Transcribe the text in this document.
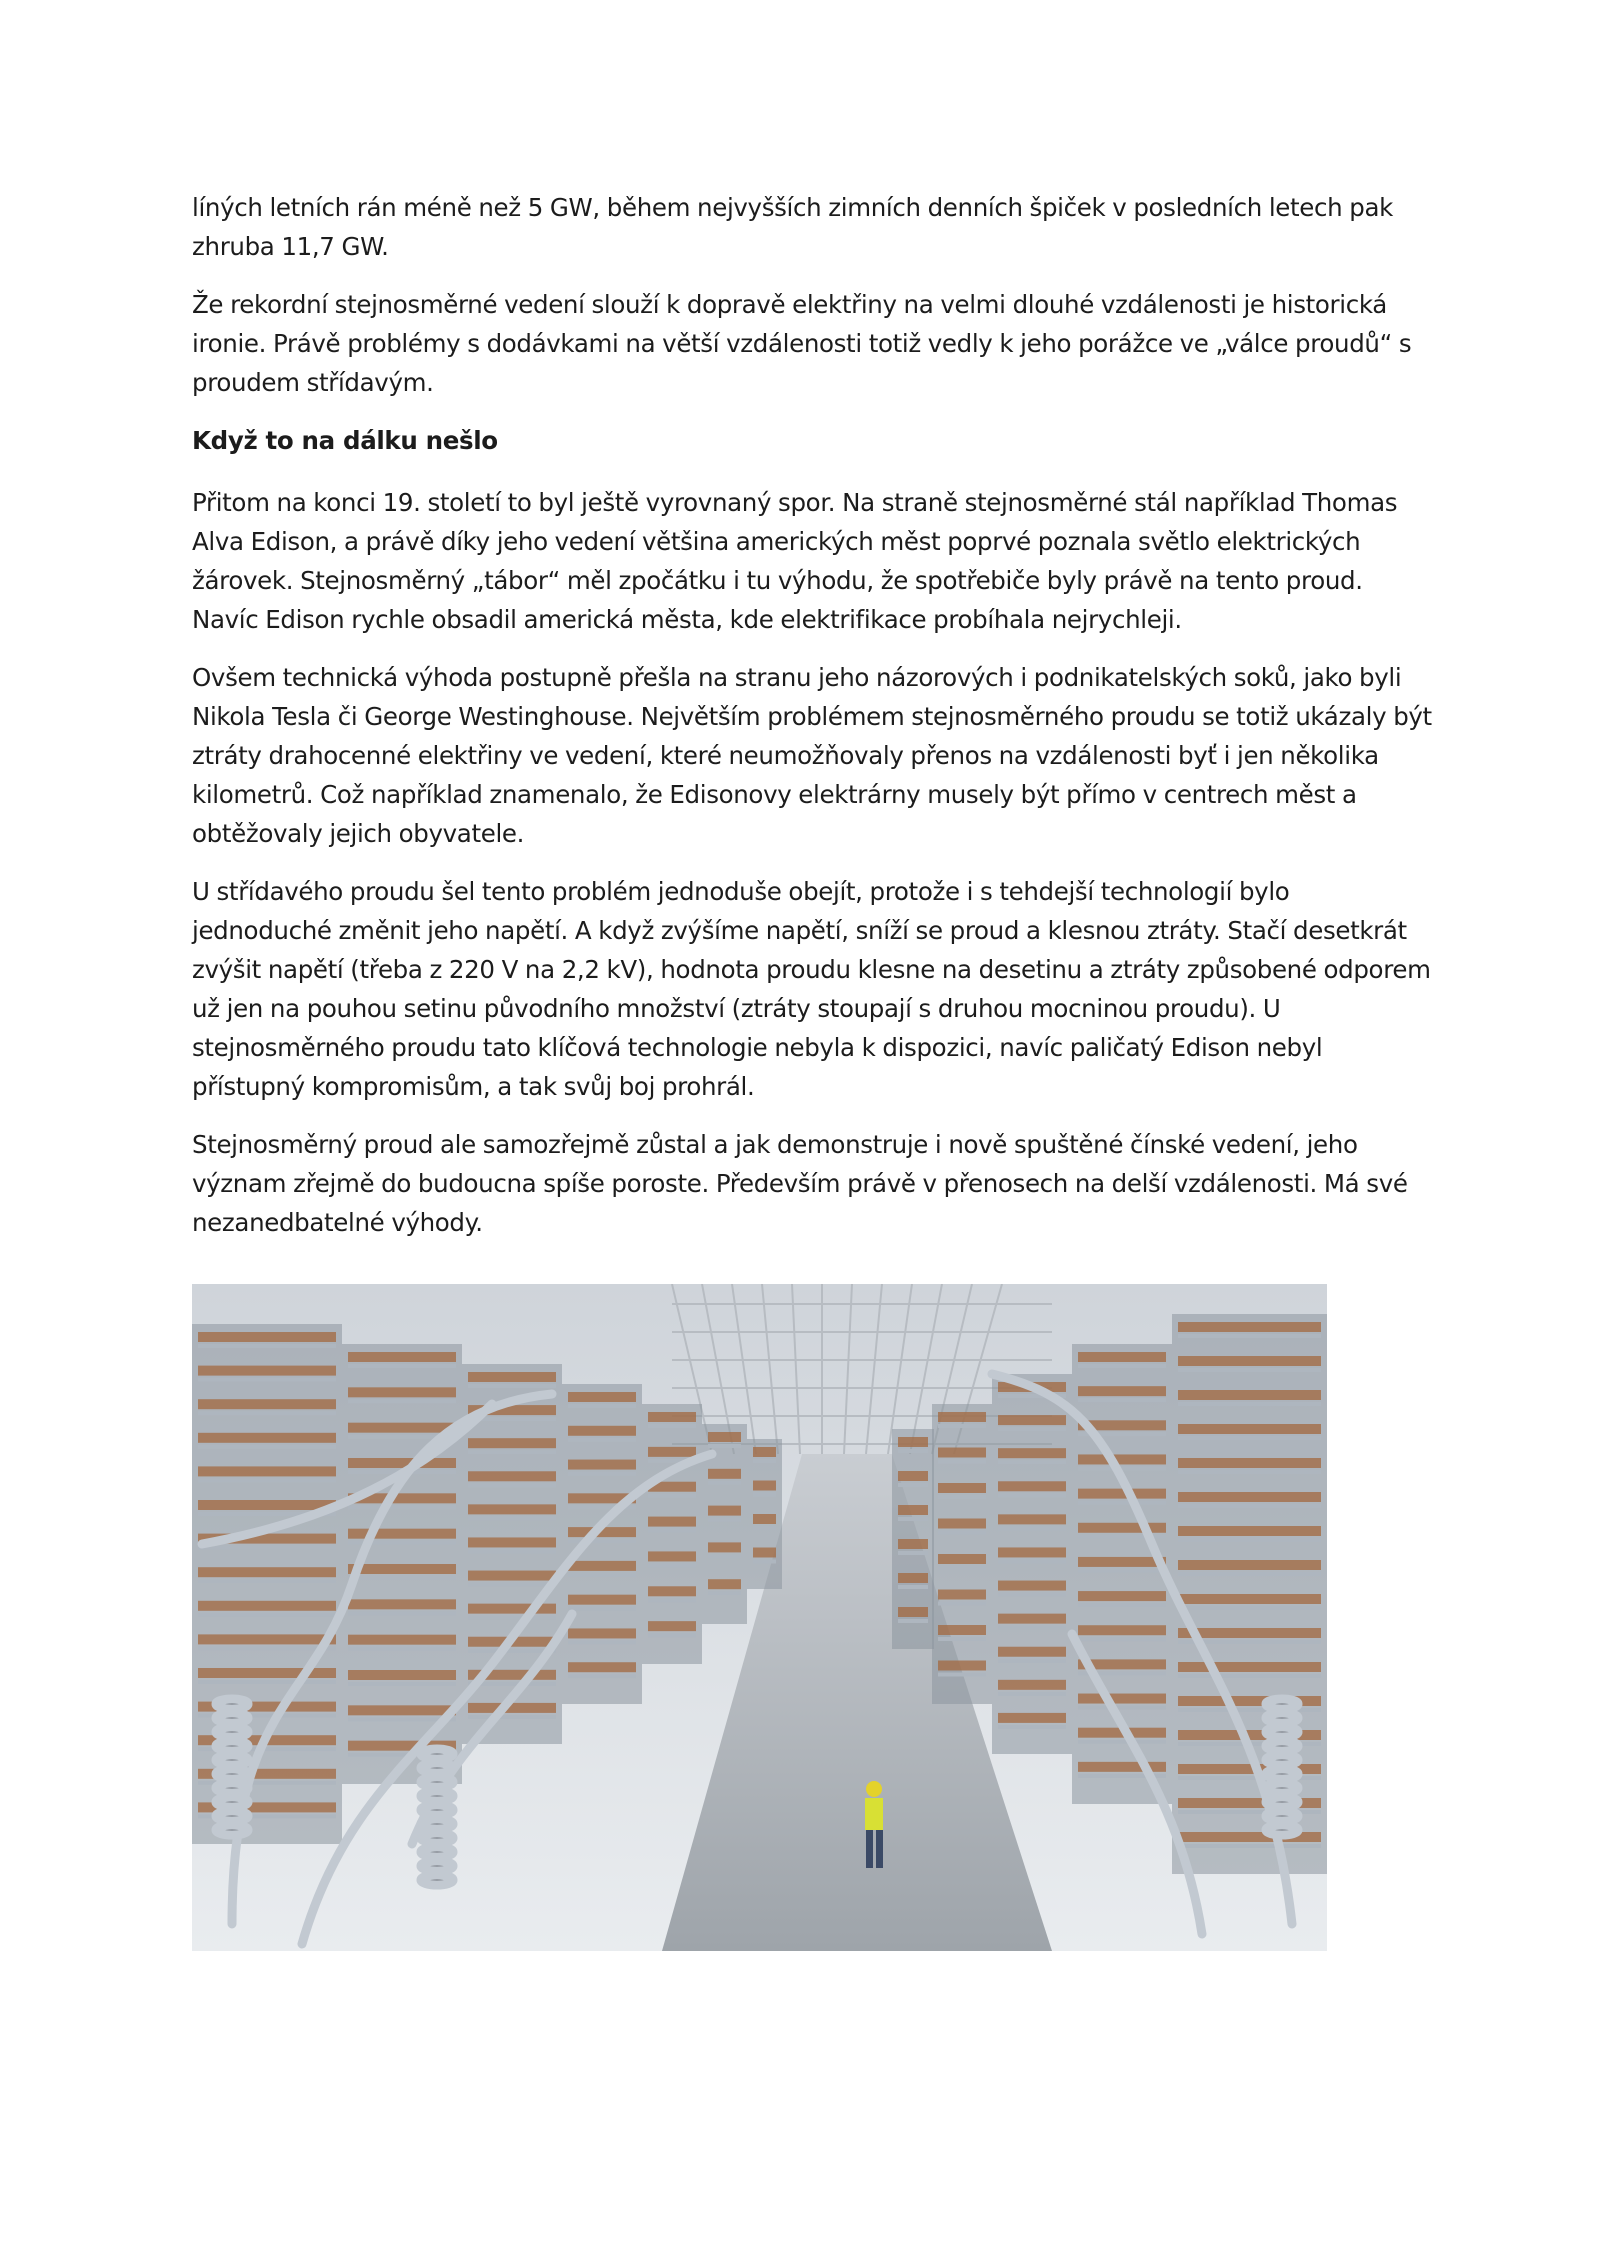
líných letních rán méně než 5 GW, během nejvyšších zimních denních špiček v posledních letech pak zhruba 11,7 GW.

Že rekordní stejnosměrné vedení slouží k dopravě elektřiny na velmi dlouhé vzdálenosti je historická ironie. Právě problémy s dodávkami na větší vzdálenosti totiž vedly k jeho porážce ve „válce proudů“ s proudem střídavým.

Když to na dálku nešlo

Přitom na konci 19. století to byl ještě vyrovnaný spor. Na straně stejnosměrné stál například Thomas Alva Edison, a právě díky jeho vedení většina amerických měst poprvé poznala světlo elektrických žárovek. Stejnosměrný „tábor“ měl zpočátku i tu výhodu, že spotřebiče byly právě na tento proud. Navíc Edison rychle obsadil americká města, kde elektrifikace probíhala nejrychleji.

Ovšem technická výhoda postupně přešla na stranu jeho názorových i podnikatelských soků, jako byli Nikola Tesla či George Westinghouse. Největším problémem stejnosměrného proudu se totiž ukázaly být ztráty drahocenné elektřiny ve vedení, které neumožňovaly přenos na vzdálenosti byť i jen několika kilometrů. Což například znamenalo, že Edisonovy elektrárny musely být přímo v centrech měst a obtěžovaly jejich obyvatele.

U střídavého proudu šel tento problém jednoduše obejít, protože i s tehdejší technologií bylo jednoduché změnit jeho napětí. A když zvýšíme napětí, sníží se proud a klesnou ztráty. Stačí desetkrát zvýšit napětí (třeba z 220 V na 2,2 kV), hodnota proudu klesne na desetinu a ztráty způsobené odporem už jen na pouhou setinu původního množství (ztráty stoupají s druhou mocninou proudu). U stejnosměrného proudu tato klíčová technologie nebyla k dispozici, navíc paličatý Edison nebyl přístupný kompromisům, a tak svůj boj prohrál.

Stejnosměrný proud ale samozřejmě zůstal a jak demonstruje i nově spuštěné čínské vedení, jeho význam zřejmě do budoucna spíše poroste. Především právě v přenosech na delší vzdálenosti. Má své nezanedbatelné výhody.
